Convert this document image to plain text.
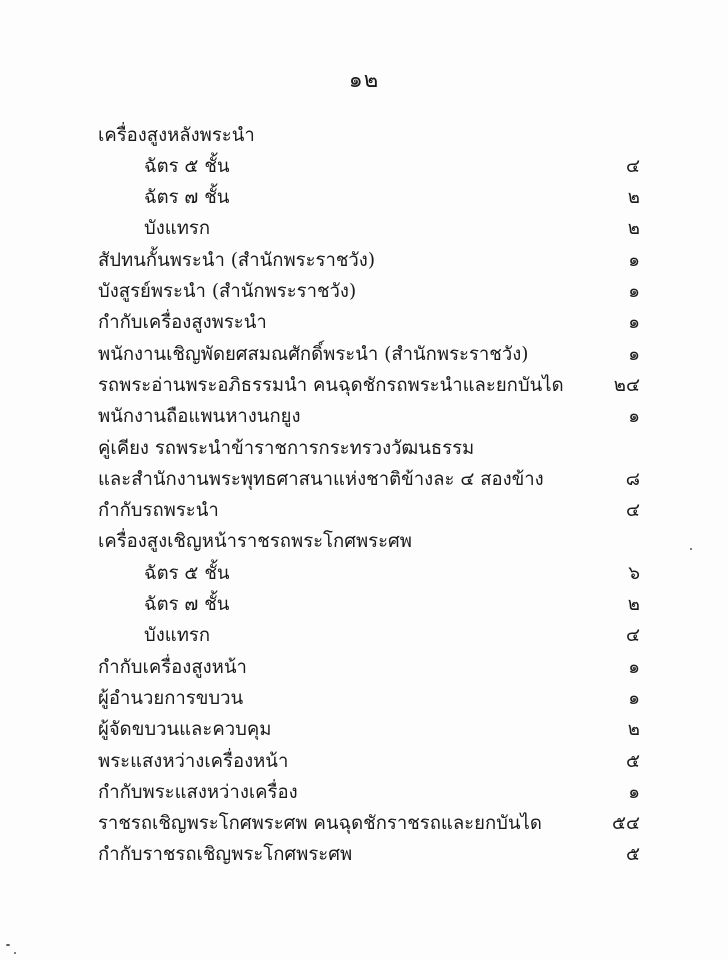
๑๒
เครื่องสูงหลังพระนำ
ฉัตร ๕ ชั้น	๔
ฉัตร ๗ ชั้น	๒
บังแทรก	๒
สัปทนกั้นพระนำ (สำนักพระราชวัง)	๑
บังสูรย์พระนำ (สำนักพระราชวัง)	๑
กำกับเครื่องสูงพระนำ	๑
พนักงานเชิญพัดยศสมณศักดิ์พระนำ (สำนักพระราชวัง)	๑
รถพระอ่านพระอภิธรรมนำ คนฉุดชักรถพระนำและยกบันได	๒๔
พนักงานถือแพนหางนกยูง	๑
คู่เคียง รถพระนำข้าราชการกระทรวงวัฒนธรรม
และสำนักงานพระพุทธศาสนาแห่งชาติข้างละ ๔ สองข้าง	๘
กำกับรถพระนำ	๔
เครื่องสูงเชิญหน้าราชรถพระโกศพระศพ
ฉัตร ๕ ชั้น	๖
ฉัตร ๗ ชั้น	๒
บังแทรก	๔
กำกับเครื่องสูงหน้า	๑
ผู้อำนวยการขบวน	๑
ผู้จัดขบวนและควบคุม	๒
พระแสงหว่างเครื่องหน้า	๕
กำกับพระแสงหว่างเครื่อง	๑
ราชรถเชิญพระโกศพระศพ คนฉุดชักราชรถและยกบันได	๕๔
กำกับราชรถเชิญพระโกศพระศพ	๕
